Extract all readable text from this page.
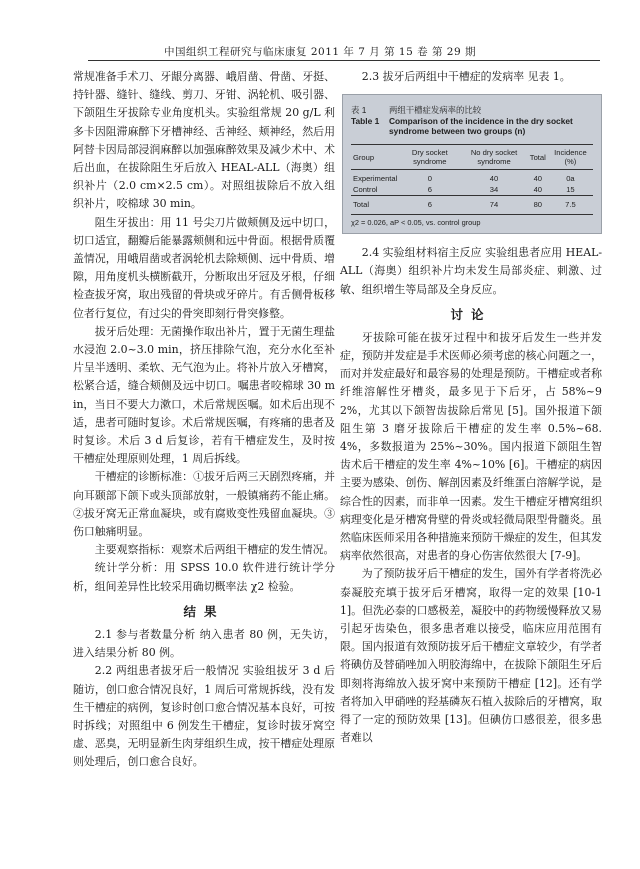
中国组织工程研究与临床康复 2011 年 7 月 第 15 卷 第 29 期

常规准备手术刀、牙龈分离器、峨眉凿、骨凿、牙挺、持针器、缝针、缝线、剪刀、牙钳、涡轮机、吸引器、下颌阻生牙拔除专业角度机头。实验组常规 20 g/L 利多卡因阻滞麻醉下牙槽神经、舌神经、颊神经，然后用阿替卡因局部浸润麻醉以加强麻醉效果及减少术中、术后出血，在拔除阻生牙后放入 HEAL-ALL（海奥）组织补片（2.0 cm×2.5 cm）。对照组拔除后不放入组织补片，咬棉球 30 min。

阻生牙拔出：用 11 号尖刀片做颊侧及远中切口，切口适宜，翻瓣后能暴露颊侧和远中骨面。根据骨质覆盖情况，用峨眉凿或者涡轮机去除颊侧、远中骨质、增隙，用角度机头横断截开，分断取出牙冠及牙根，仔细检查拔牙窝，取出残留的骨块或牙碎片。有舌侧骨板移位者行复位，有过尖的骨突即刻行骨突修整。

拔牙后处理：无菌操作取出补片，置于无菌生理盐水浸泡 2.0~3.0 min，挤压排除气泡，充分水化至补片呈半透明、柔软、无气泡为止。将补片放入牙槽窝，松紧合适，缝合颊侧及远中切口。嘱患者咬棉球 30 min，当日不要大力漱口，术后常规医嘱。如术后出现不适，患者可随时复诊。术后常规医嘱，有疼痛的患者及时复诊。术后 3 d 后复诊，若有干槽症发生，及时按干槽症处理原则处理，1 周后拆线。

干槽症的诊断标准：①拔牙后两三天剧烈疼痛，并向耳颞部下颌下或头顶部放射，一般镇痛药不能止痛。②拔牙窝无正常血凝块，或有腐败变性残留血凝块。③伤口触痛明显。

主要观察指标：观察术后两组干槽症的发生情况。

统计学分析：用 SPSS 10.0 软件进行统计学分析，组间差异性比较采用确切概率法 χ2 检验。

结果

2.1 参与者数量分析 纳入患者 80 例，无失访，进入结果分析 80 例。

2.2 两组患者拔牙后一般情况 实验组拔牙 3 d 后随访，创口愈合情况良好，1 周后可常规拆线，没有发生干槽症的病例，复诊时创口愈合情况基本良好，可按时拆线；对照组中 6 例发生干槽症，复诊时拔牙窝空虚、恶臭，无明显新生肉芽组织生成，按干槽症处理原则处理后，创口愈合良好。

2.3 拔牙后两组中干槽症的发病率 见表 1。

表 1	两组干槽症发病率的比较
Table 1	Comparison of the incidence in the dry socket syndrome between two groups (n)
Group	Dry socket syndrome	No dry socket syndrome	Total	Incidence (%)
Experimental	0	40	40	0a
Control	6	34	40	15
Total	6	74	80	7.5
χ2 = 0.026, aP < 0.05, vs. control group

2.4 实验组材料宿主反应 实验组患者应用 HEAL-ALL（海奥）组织补片均未发生局部炎症、刺激、过敏、组织增生等局部及全身反应。

讨论

牙拔除可能在拔牙过程中和拔牙后发生一些并发症，预防并发症是手术医师必须考虑的核心问题之一，而对并发症最好和最容易的处理是预防。干槽症或者称纤维溶解性牙槽炎，最多见于下后牙，占 58%~92%，尤其以下颌智齿拔除后常见 [5]。国外报道下颌阻生第 3 磨牙拔除后干槽症的发生率 0.5%~68.4%，多数报道为 25%~30%。国内报道下颌阻生智齿术后干槽症的发生率 4%~10% [6]。干槽症的病因主要为感染、创伤、解剖因素及纤维蛋白溶解学说，是综合性的因素，而非单一因素。发生干槽症牙槽窝组织病理变化是牙槽窝骨壁的骨炎或轻微局限型骨髓炎。虽然临床医师采用各种措施来预防干燥症的发生，但其发病率依然很高，对患者的身心伤害依然很大 [7-9]。

为了预防拔牙后干槽症的发生，国外有学者将洗必泰凝胶充填于拔牙后牙槽窝，取得一定的效果 [10-11]。但洗必泰的口感极差，凝胶中的药物缓慢释放又易引起牙齿染色，很多患者难以接受，临床应用范围有限。国内报道有效预防拔牙后干槽症文章较少，有学者将碘仿及替硝唑加入明胶海绵中，在拔除下颌阻生牙后即刻将海绵放入拔牙窝中来预防干槽症 [12]。还有学者将加入甲硝唑的羟基磷灰石植入拔除后的牙槽窝，取得了一定的预防效果 [13]。但碘仿口感很差，很多患者难以
